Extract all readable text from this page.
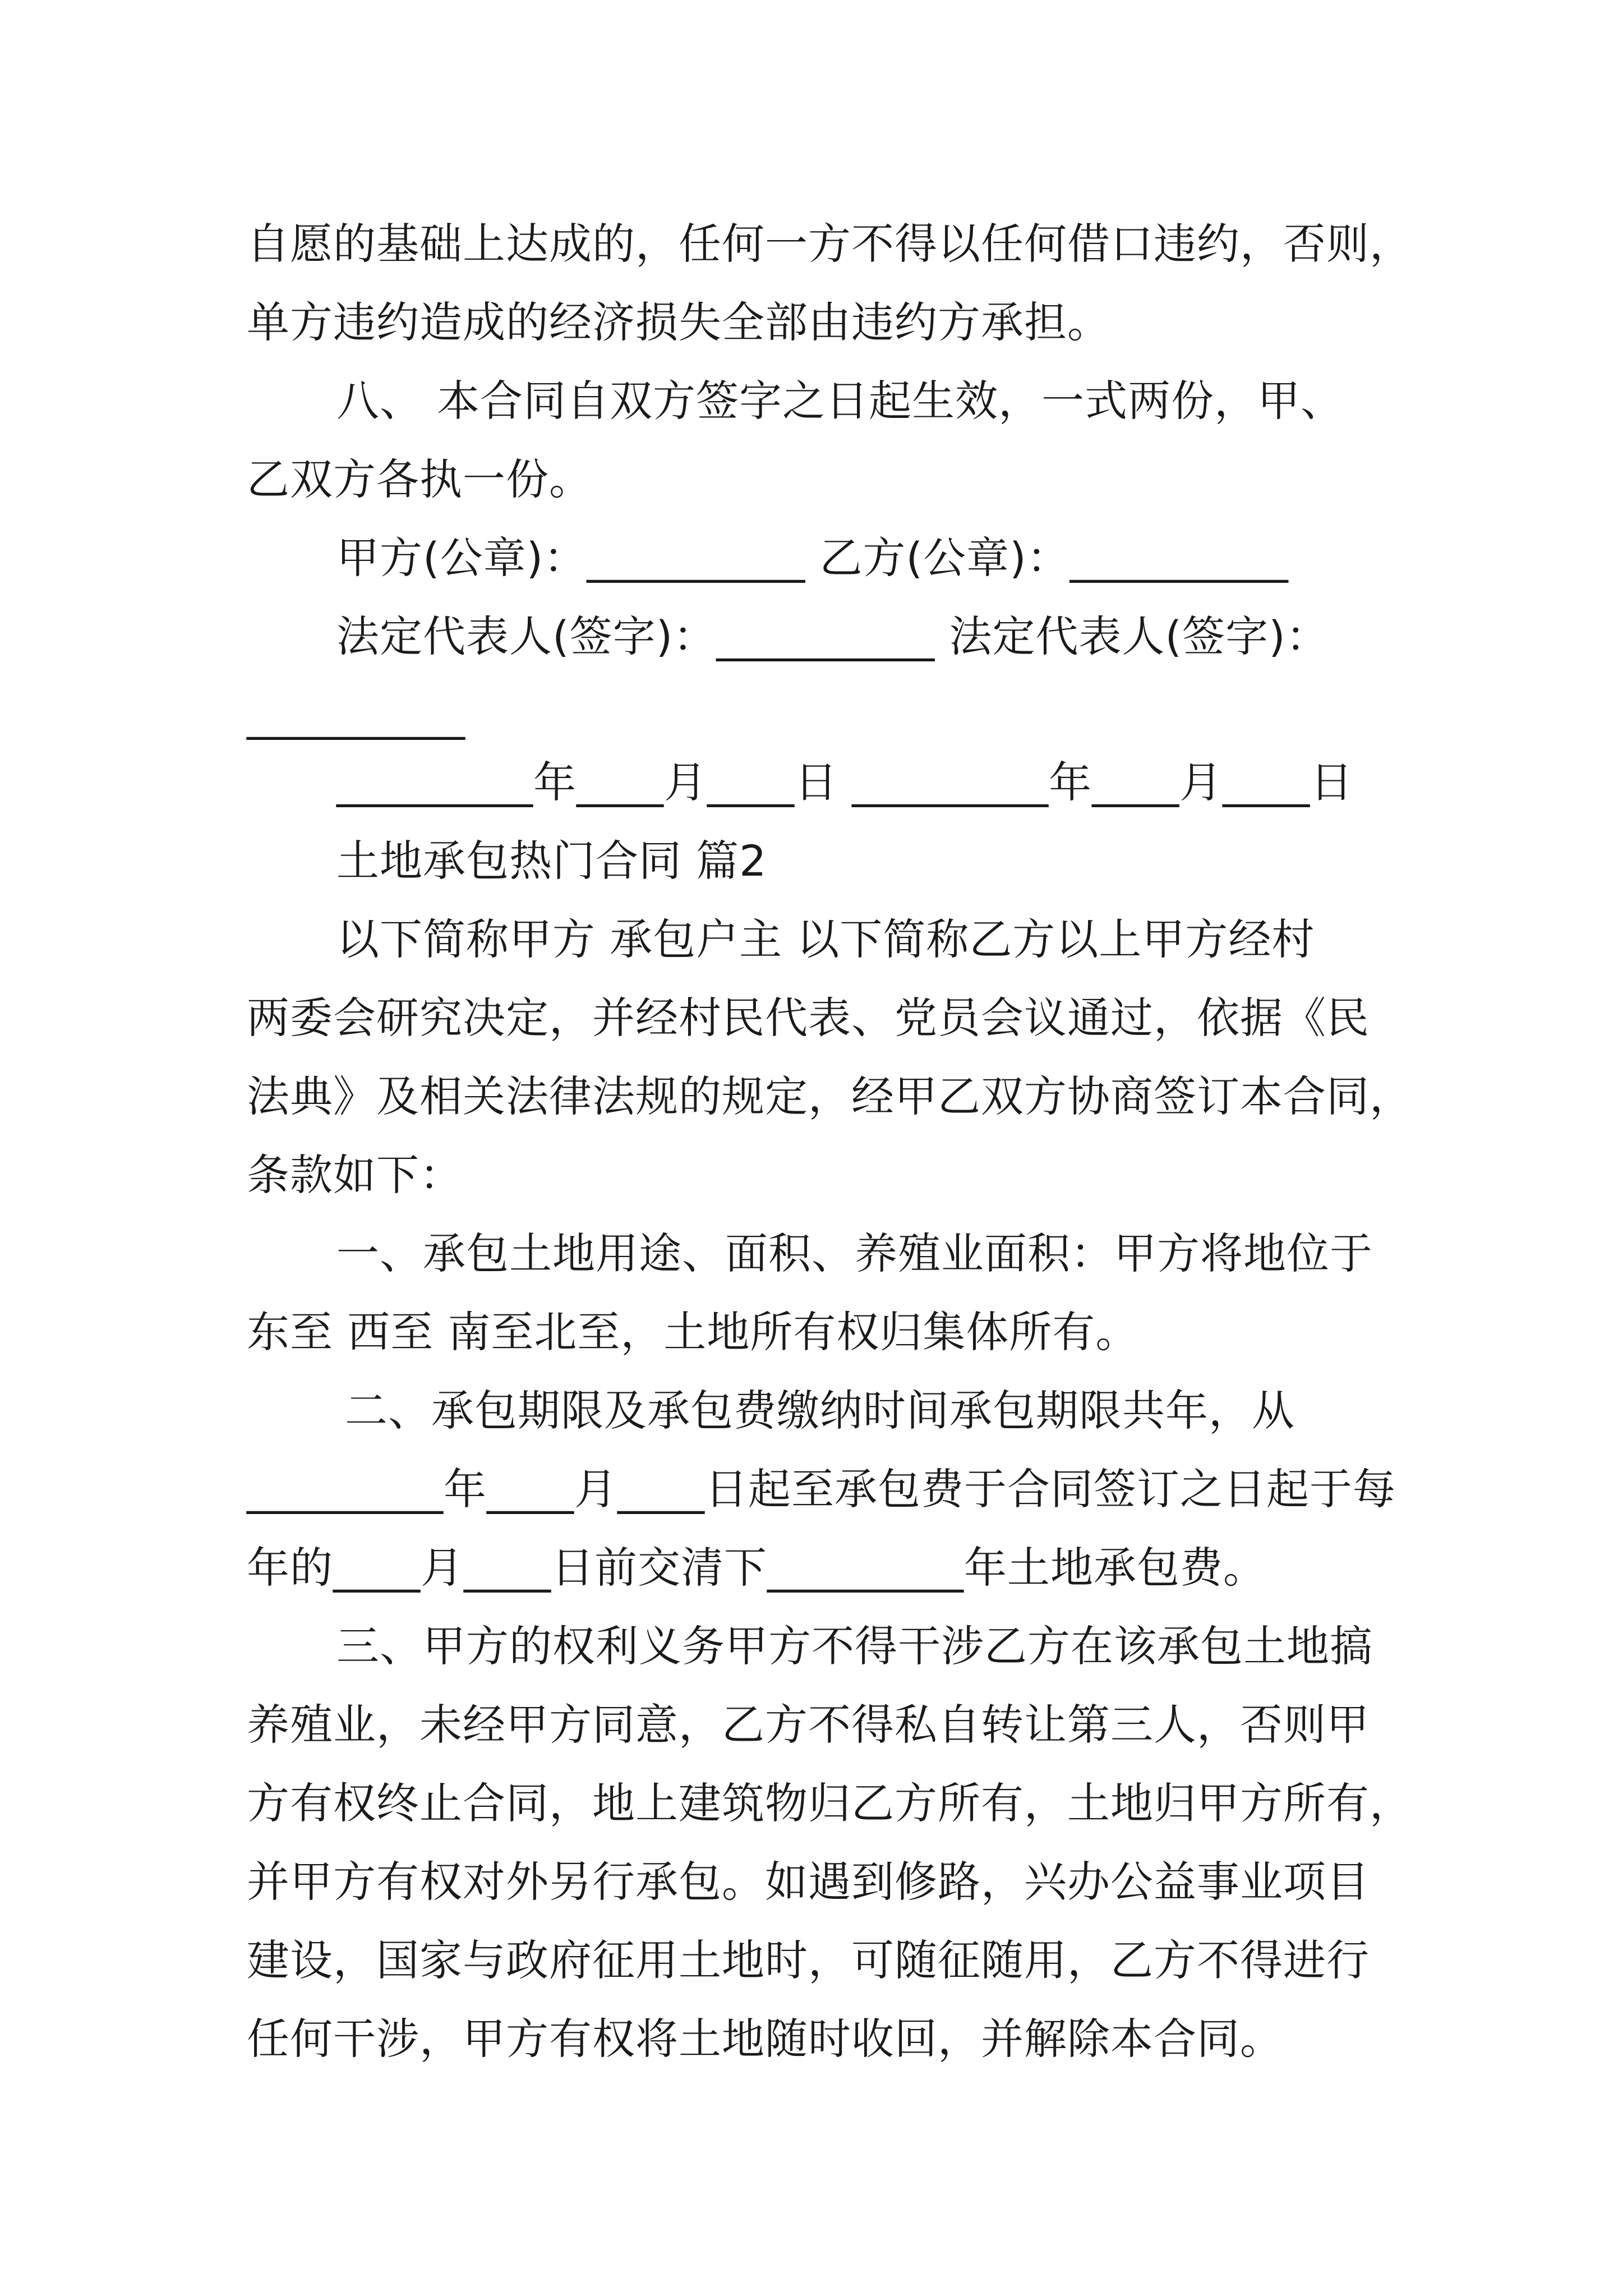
自愿的基础上达成的，任何一方不得以任何借口违约，否则，
单方违约造成的经济损失全部由违约方承担。
八、 本合同自双方签字之日起生效，一式两份，甲、
乙双方各执一份。
甲方(公章)：__________ 乙方(公章)：__________
法定代表人(签字)：__________ 法定代表人(签字)：
__________
_________年____月____日 _________年____月____日
土地承包热门合同 篇2
以下简称甲方 承包户主 以下简称乙方以上甲方经村
两委会研究决定，并经村民代表、党员会议通过，依据《民
法典》及相关法律法规的规定，经甲乙双方协商签订本合同，
条款如下：
一、承包土地用途、面积、养殖业面积：甲方将地位于
东至 西至 南至北至，土地所有权归集体所有。
二、承包期限及承包费缴纳时间承包期限共年，从
_________年____月____日起至承包费于合同签订之日起于每
年的____月____日前交清下_________年土地承包费。
三、甲方的权利义务甲方不得干涉乙方在该承包土地搞
养殖业，未经甲方同意，乙方不得私自转让第三人，否则甲
方有权终止合同，地上建筑物归乙方所有，土地归甲方所有，
并甲方有权对外另行承包。如遇到修路，兴办公益事业项目
建设，国家与政府征用土地时，可随征随用，乙方不得进行
任何干涉，甲方有权将土地随时收回，并解除本合同。
